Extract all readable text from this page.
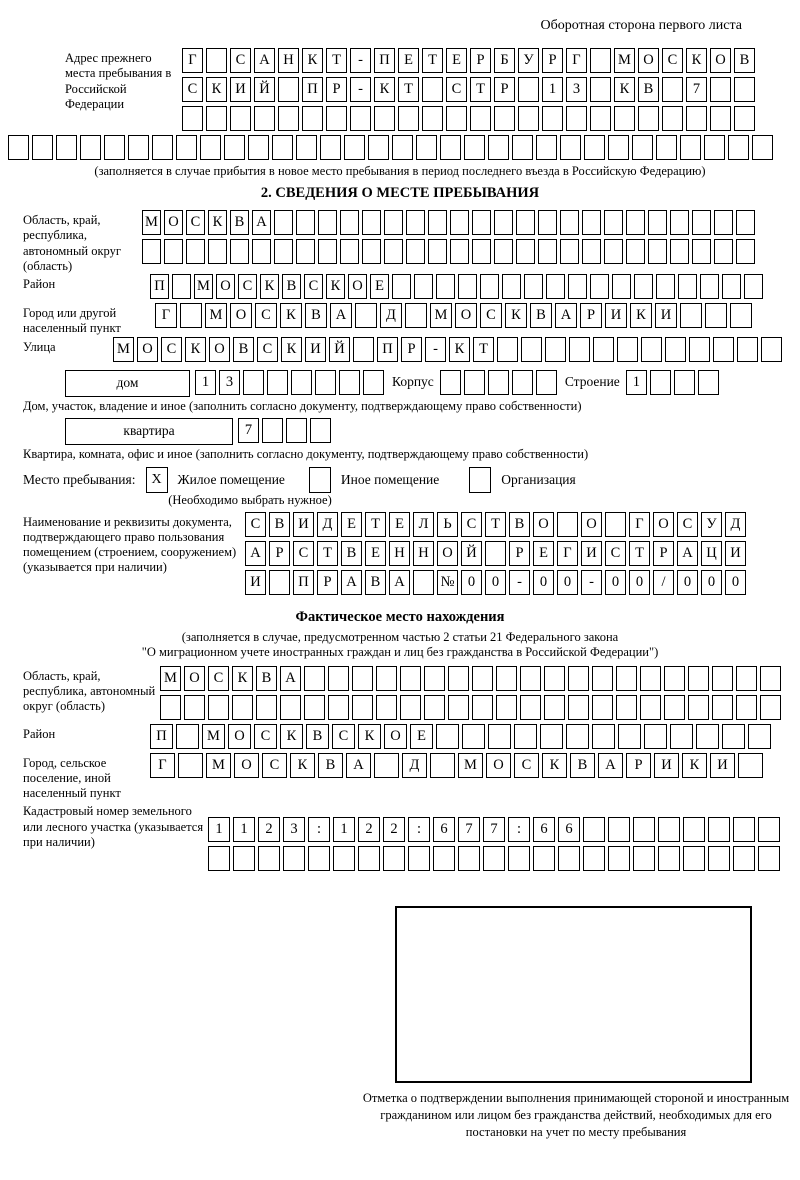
Оборотная сторона первого листа
Адрес прежнего места пребывания в Российской Федерации
Г	С А Н К	Т	-	П Е	Т	Е	Р	Б	У	Р	Г	М О С К О В
С К И Й	П	Р	-	К	Т	С	Т	Р	1	3	К В	7
(заполняется в случае прибытия в новое место пребывания в период последнего въезда в Российскую Федерацию)
2. СВЕДЕНИЯ О МЕСТЕ ПРЕБЫВАНИЯ
Область, край, республика, автономный округ (область)
М О С К В А
Район	П М О С К В С К О Е
Город или другой населенный пункт
Г	М О	С	К	В	А	Д	М О	С	К	В	А	Р	И	К	И
Улица	М О С К О В С К И Й	П	Р	-	К	Т
дом	1	3	Корпус	Строение 1
Дом, участок, владение и иное (заполнить согласно документу, подтверждающему право собственности)
квартира	7
Квартира, комната, офис и иное (заполнить согласно документу, подтверждающему право собственности)
Место пребывания:	X	Жилое помещение	Иное помещение	Организация
(Необходимо выбрать нужное)
Наименование и реквизиты документа, подтверждающего право пользования помещением (строением, сооружением) (указывается при наличии)
С В И Д	Е	Т	Е	Л	Ь	С	Т	В О	О	Г	О С У Д
А	Р	С	Т	В	Е Н Н О Й	Р	Е	Г	И С	Т	Р	А Ц И
И	П	Р	А В А	№ 0	0	-	0	0	-	0	0	/	0	0	0
Фактическое место нахождения
(заполняется в случае, предусмотренном частью 2 статьи 21 Федерального закона
"О миграционном учете иностранных граждан и лиц без гражданства в Российской Федерации")
Область, край, республика, автономный округ (область)
М О С К В А
Район	П	М О	С	К	В	С	К	О	Е
Город, сельское поселение, иной населенный пункт
Г	М	О	С	К	В	А	Д	М	О	С	К	В	А	Р	И	К	И
Кадастровый номер земельного или лесного участка (указывается при наличии)
1	1	2	3	:	1	2	2	:	6	7	7	:	6	6
Отметка о подтверждении выполнения принимающей стороной и иностранным гражданином или лицом без гражданства действий, необходимых для его постановки на учет по месту пребывания
